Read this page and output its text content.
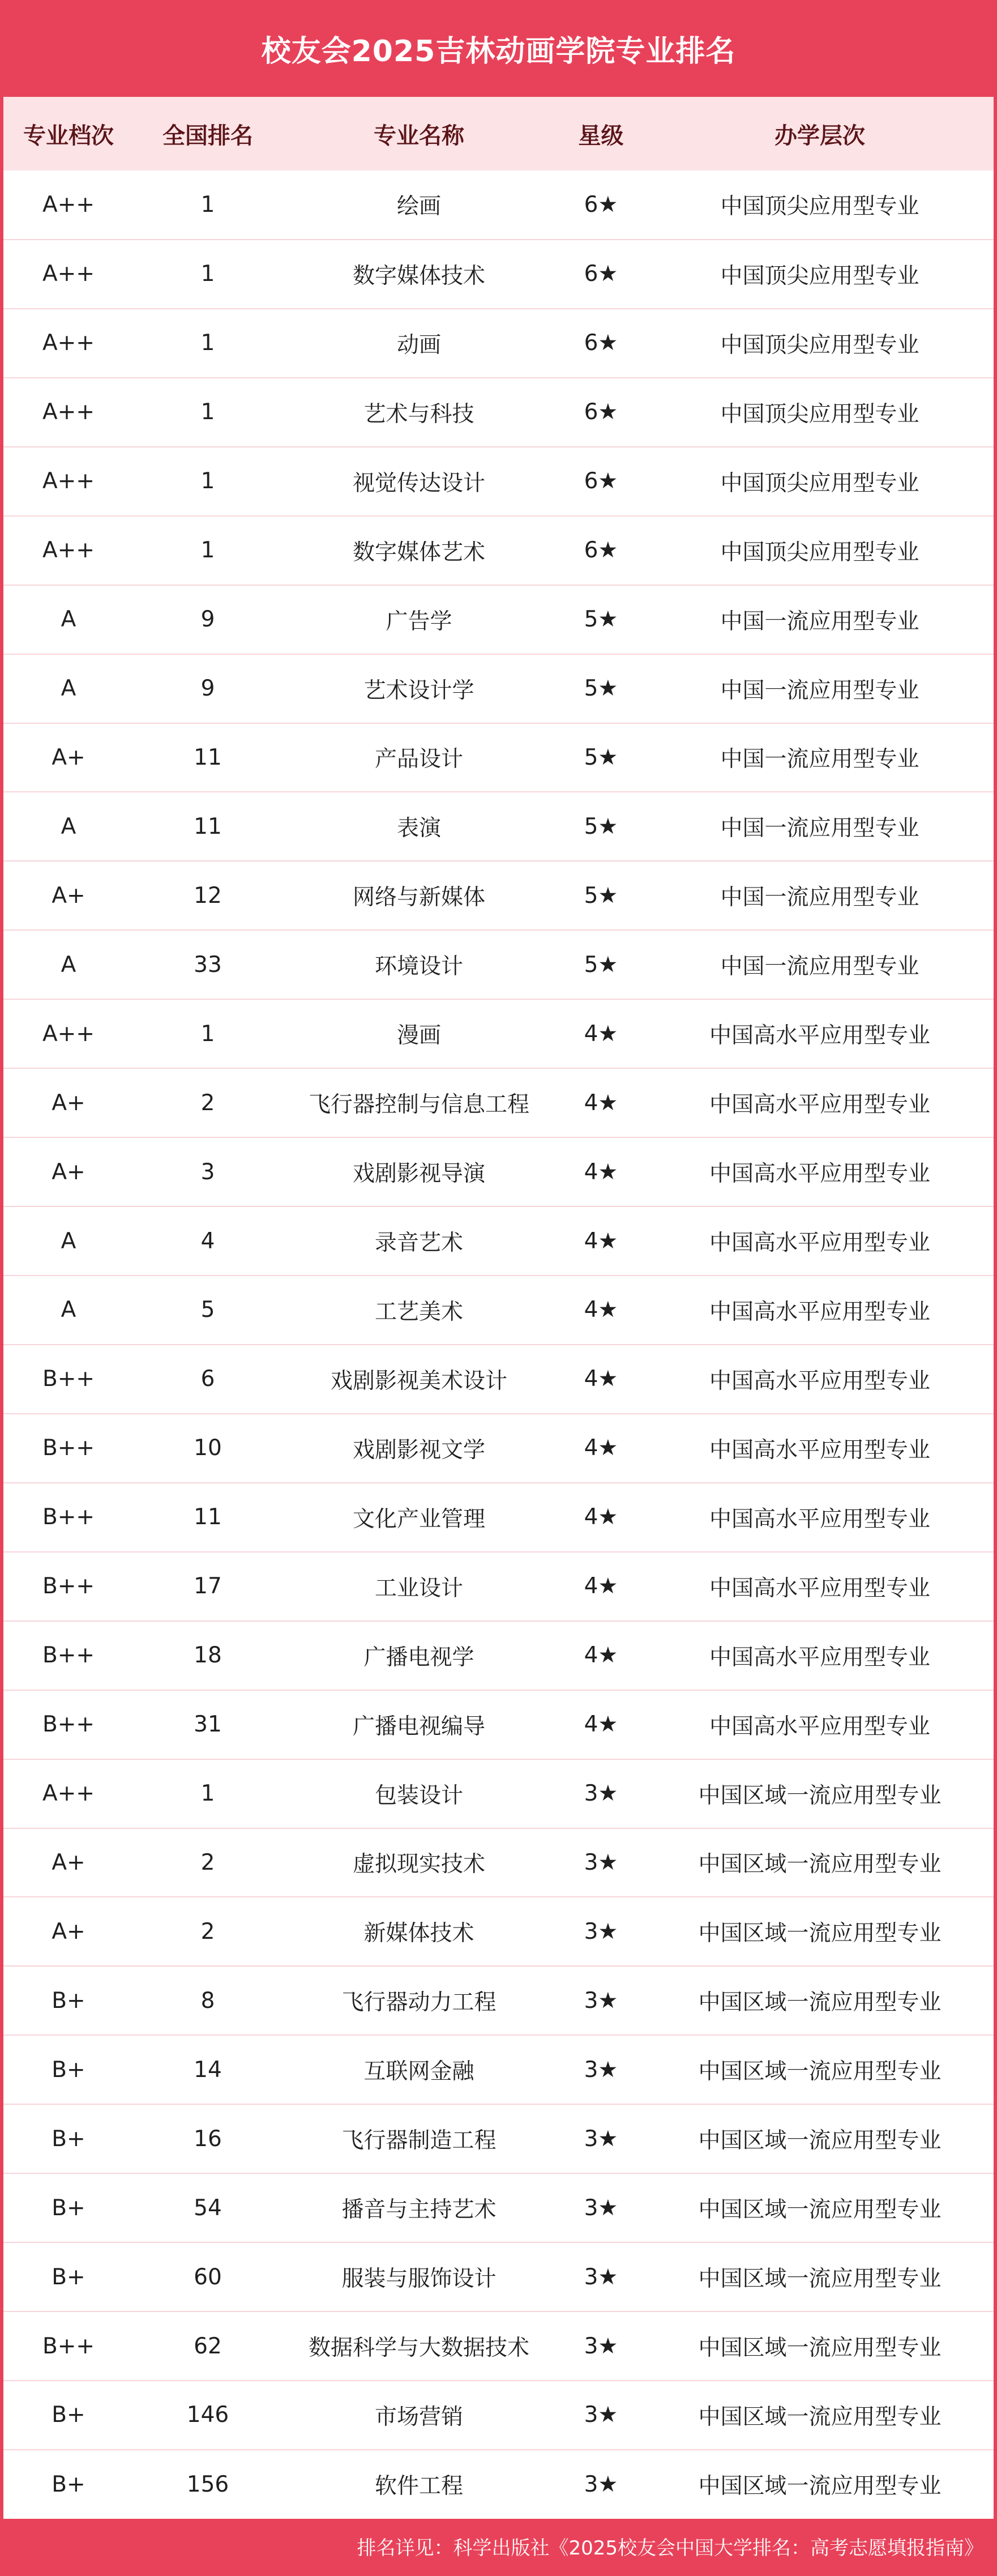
校友会2025吉林动画学院专业排名
专业档次	全国排名	专业名称	星级	办学层次
A++	1	绘画	6★	中国顶尖应用型专业
A++	1	数字媒体技术	6★	中国顶尖应用型专业
A++	1	动画	6★	中国顶尖应用型专业
A++	1	艺术与科技	6★	中国顶尖应用型专业
A++	1	视觉传达设计	6★	中国顶尖应用型专业
A++	1	数字媒体艺术	6★	中国顶尖应用型专业
A	9	广告学	5★	中国一流应用型专业
A	9	艺术设计学	5★	中国一流应用型专业
A+	11	产品设计	5★	中国一流应用型专业
A	11	表演	5★	中国一流应用型专业
A+	12	网络与新媒体	5★	中国一流应用型专业
A	33	环境设计	5★	中国一流应用型专业
A++	1	漫画	4★	中国高水平应用型专业
A+	2	飞行器控制与信息工程	4★	中国高水平应用型专业
A+	3	戏剧影视导演	4★	中国高水平应用型专业
A	4	录音艺术	4★	中国高水平应用型专业
A	5	工艺美术	4★	中国高水平应用型专业
B++	6	戏剧影视美术设计	4★	中国高水平应用型专业
B++	10	戏剧影视文学	4★	中国高水平应用型专业
B++	11	文化产业管理	4★	中国高水平应用型专业
B++	17	工业设计	4★	中国高水平应用型专业
B++	18	广播电视学	4★	中国高水平应用型专业
B++	31	广播电视编导	4★	中国高水平应用型专业
A++	1	包装设计	3★	中国区域一流应用型专业
A+	2	虚拟现实技术	3★	中国区域一流应用型专业
A+	2	新媒体技术	3★	中国区域一流应用型专业
B+	8	飞行器动力工程	3★	中国区域一流应用型专业
B+	14	互联网金融	3★	中国区域一流应用型专业
B+	16	飞行器制造工程	3★	中国区域一流应用型专业
B+	54	播音与主持艺术	3★	中国区域一流应用型专业
B+	60	服装与服饰设计	3★	中国区域一流应用型专业
B++	62	数据科学与大数据技术	3★	中国区域一流应用型专业
B+	146	市场营销	3★	中国区域一流应用型专业
B+	156	软件工程	3★	中国区域一流应用型专业
排名详见：科学出版社《2025校友会中国大学排名：高考志愿填报指南》
